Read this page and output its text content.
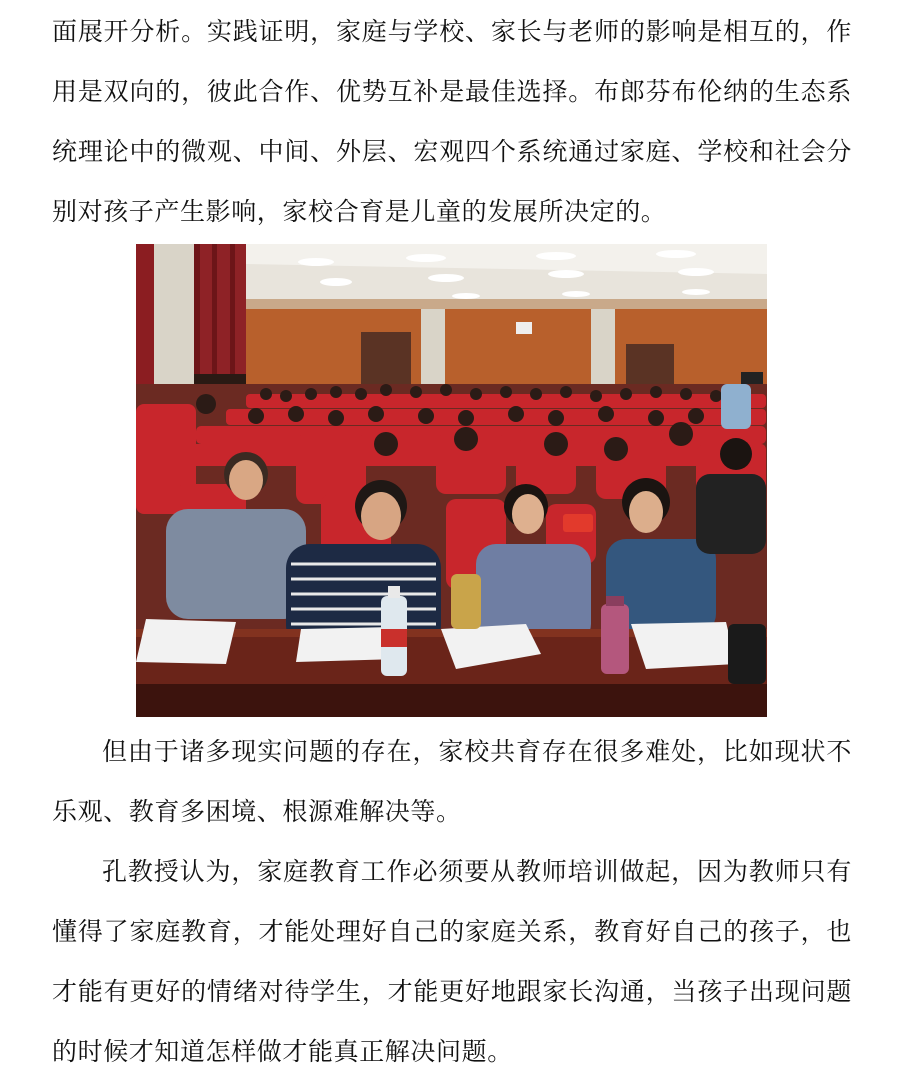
面展开分析。实践证明，家庭与学校、家长与老师的影响是相互的，作用是双向的，彼此合作、优势互补是最佳选择。布郎芬布伦纳的生态系统理论中的微观、中间、外层、宏观四个系统通过家庭、学校和社会分别对孩子产生影响，家校合育是儿童的发展所决定的。

但由于诸多现实问题的存在，家校共育存在很多难处，比如现状不乐观、教育多困境、根源难解决等。

孔教授认为，家庭教育工作必须要从教师培训做起，因为教师只有懂得了家庭教育，才能处理好自己的家庭关系，教育好自己的孩子，也才能有更好的情绪对待学生，才能更好地跟家长沟通，当孩子出现问题的时候才知道怎样做才能真正解决问题。
